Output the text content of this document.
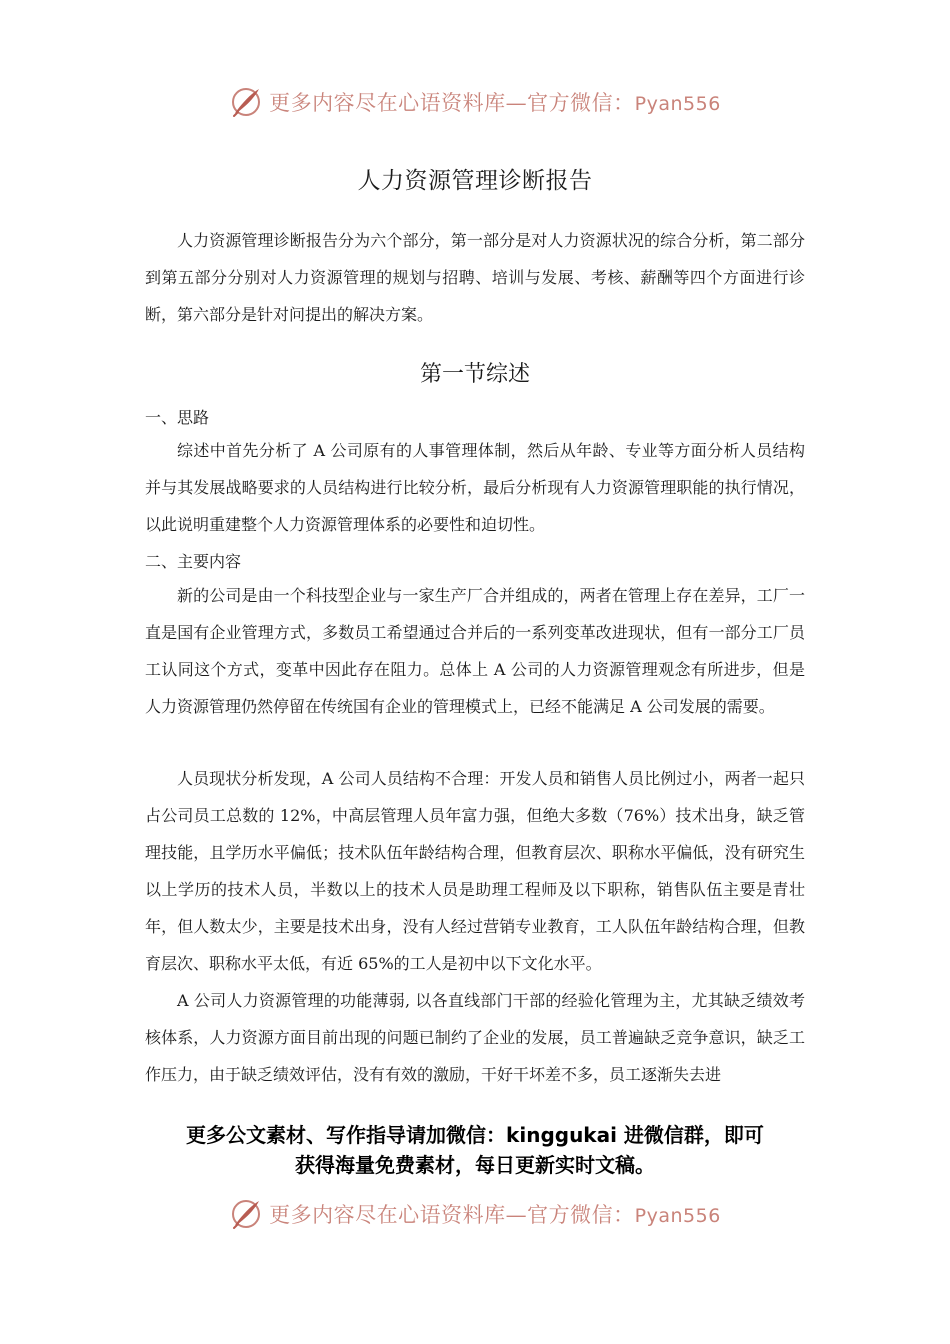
更多内容尽在心语资料库—官方微信：Pyan556
人力资源管理诊断报告

人力资源管理诊断报告分为六个部分，第一部分是对人力资源状况的综合分析，第二部分到第五部分分别对人力资源管理的规划与招聘、培训与发展、考核、薪酬等四个方面进行诊断，第六部分是针对问提出的解决方案。

第一节综述

一、思路

综述中首先分析了 A 公司原有的人事管理体制，然后从年龄、专业等方面分析人员结构并与其发展战略要求的人员结构进行比较分析，最后分析现有人力资源管理职能的执行情况，以此说明重建整个人力资源管理体系的必要性和迫切性。

二、主要内容

新的公司是由一个科技型企业与一家生产厂合并组成的，两者在管理上存在差异，工厂一直是国有企业管理方式，多数员工希望通过合并后的一系列变革改进现状，但有一部分工厂员工认同这个方式，变革中因此存在阻力。总体上 A 公司的人力资源管理观念有所进步，但是人力资源管理仍然停留在传统国有企业的管理模式上，已经不能满足 A 公司发展的需要。

人员现状分析发现，A 公司人员结构不合理：开发人员和销售人员比例过小，两者一起只占公司员工总数的 12%，中高层管理人员年富力强，但绝大多数（76%）技术出身，缺乏管理技能，且学历水平偏低；技术队伍年龄结构合理，但教育层次、职称水平偏低，没有研究生以上学历的技术人员，半数以上的技术人员是助理工程师及以下职称，销售队伍主要是青壮年，但人数太少，主要是技术出身，没有人经过营销专业教育，工人队伍年龄结构合理，但教育层次、职称水平太低，有近 65%的工人是初中以下文化水平。

A 公司人力资源管理的功能薄弱, 以各直线部门干部的经验化管理为主，尤其缺乏绩效考核体系，人力资源方面目前出现的问题已制约了企业的发展，员工普遍缺乏竞争意识，缺乏工作压力，由于缺乏绩效评估，没有有效的激励，干好干坏差不多，员工逐渐失去进

更多公文素材、写作指导请加微信：kinggukai 进微信群，即可
获得海量免费素材，每日更新实时文稿。
更多内容尽在心语资料库—官方微信：Pyan556
